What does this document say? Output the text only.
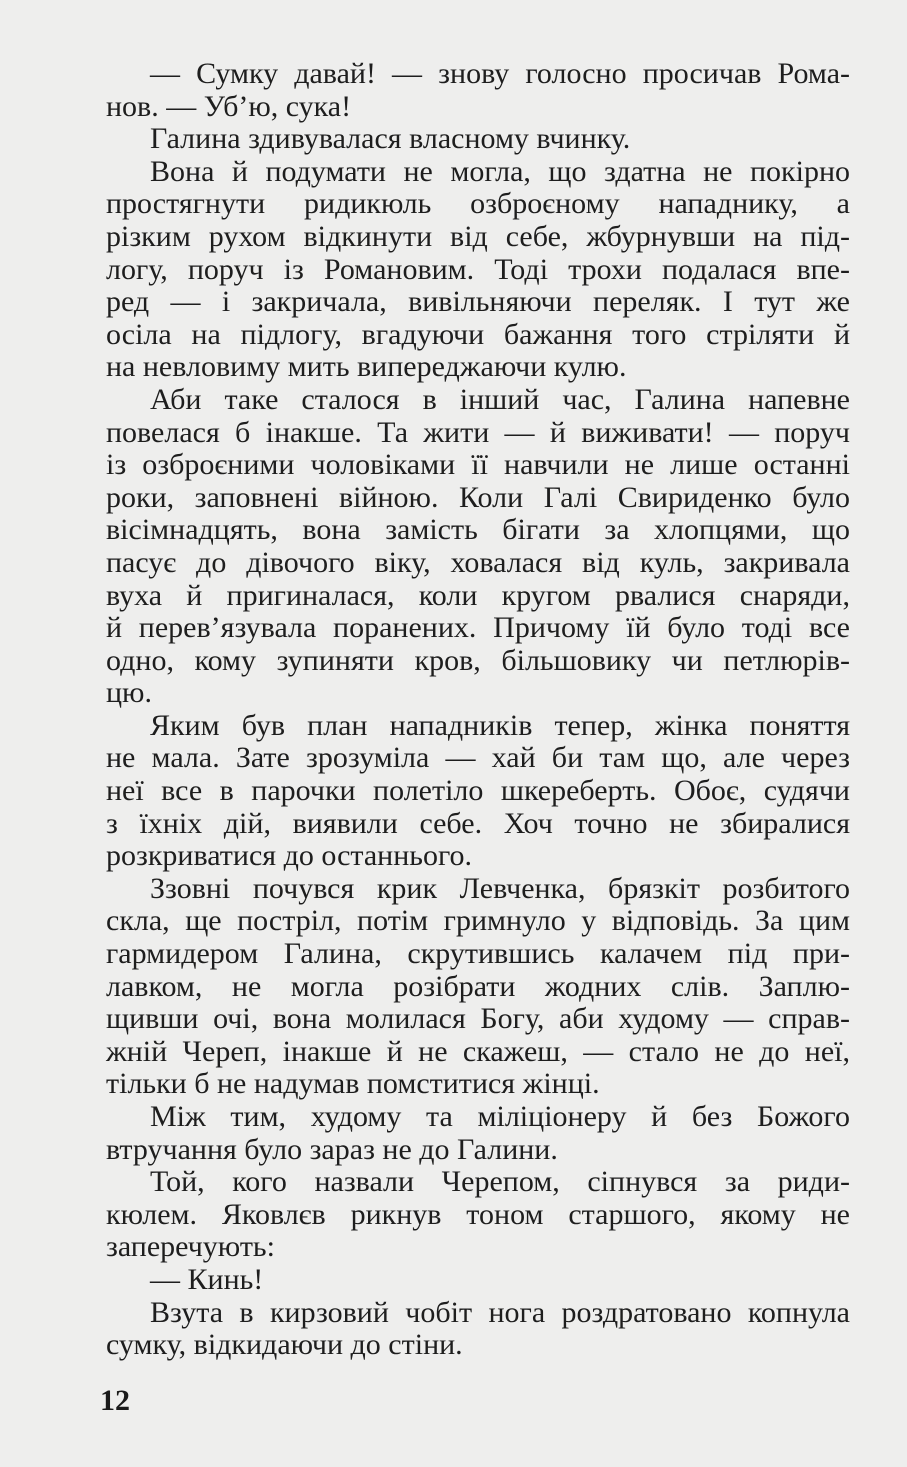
— Сумку давай! — знову голосно просичав Рома-
нов. — Уб’ю, сука!
Галина здивувалася власному вчинку.
Вона й подумати не могла, що здатна не покірно
простягнути ридикюль озброєному нападнику, а
різким рухом відкинути від себе, жбурнувши на під-
логу, поруч із Романовим. Тоді трохи подалася впе-
ред — і закричала, вивільняючи переляк. І тут же
осіла на підлогу, вгадуючи бажання того стріляти й
на невловиму мить випереджаючи кулю.
Аби таке сталося в інший час, Галина напевне
повелася б інакше. Та жити — й виживати! — поруч
із озброєними чоловіками її навчили не лише останні
роки, заповнені війною. Коли Галі Свириденко було
вісімнадцять, вона замість бігати за хлопцями, що
пасує до дівочого віку, ховалася від куль, закривала
вуха й пригиналася, коли кругом рвалися снаряди,
й перев’язувала поранених. Причому їй було тоді все
одно, кому зупиняти кров, більшовику чи петлюрів-
цю.
Яким був план нападників тепер, жінка поняття
не мала. Зате зрозуміла — хай би там що, але через
неї все в парочки полетіло шкереберть. Обоє, судячи
з їхніх дій, виявили себе. Хоч точно не збиралися
розкриватися до останнього.
Ззовні почувся крик Левченка, брязкіт розбитого
скла, ще постріл, потім гримнуло у відповідь. За цим
гармидером Галина, скрутившись калачем під при-
лавком, не могла розібрати жодних слів. Заплю-
щивши очі, вона молилася Богу, аби худому — справ-
жній Череп, інакше й не скажеш, — стало не до неї,
тільки б не надумав помститися жінці.
Між тим, худому та міліціонеру й без Божого
втручання було зараз не до Галини.
Той, кого назвали Черепом, сіпнувся за риди-
кюлем. Яковлєв рикнув тоном старшого, якому не
заперечують:
— Кинь!
Взута в кирзовий чобіт нога роздратовано копнула
сумку, відкидаючи до стіни.
12
